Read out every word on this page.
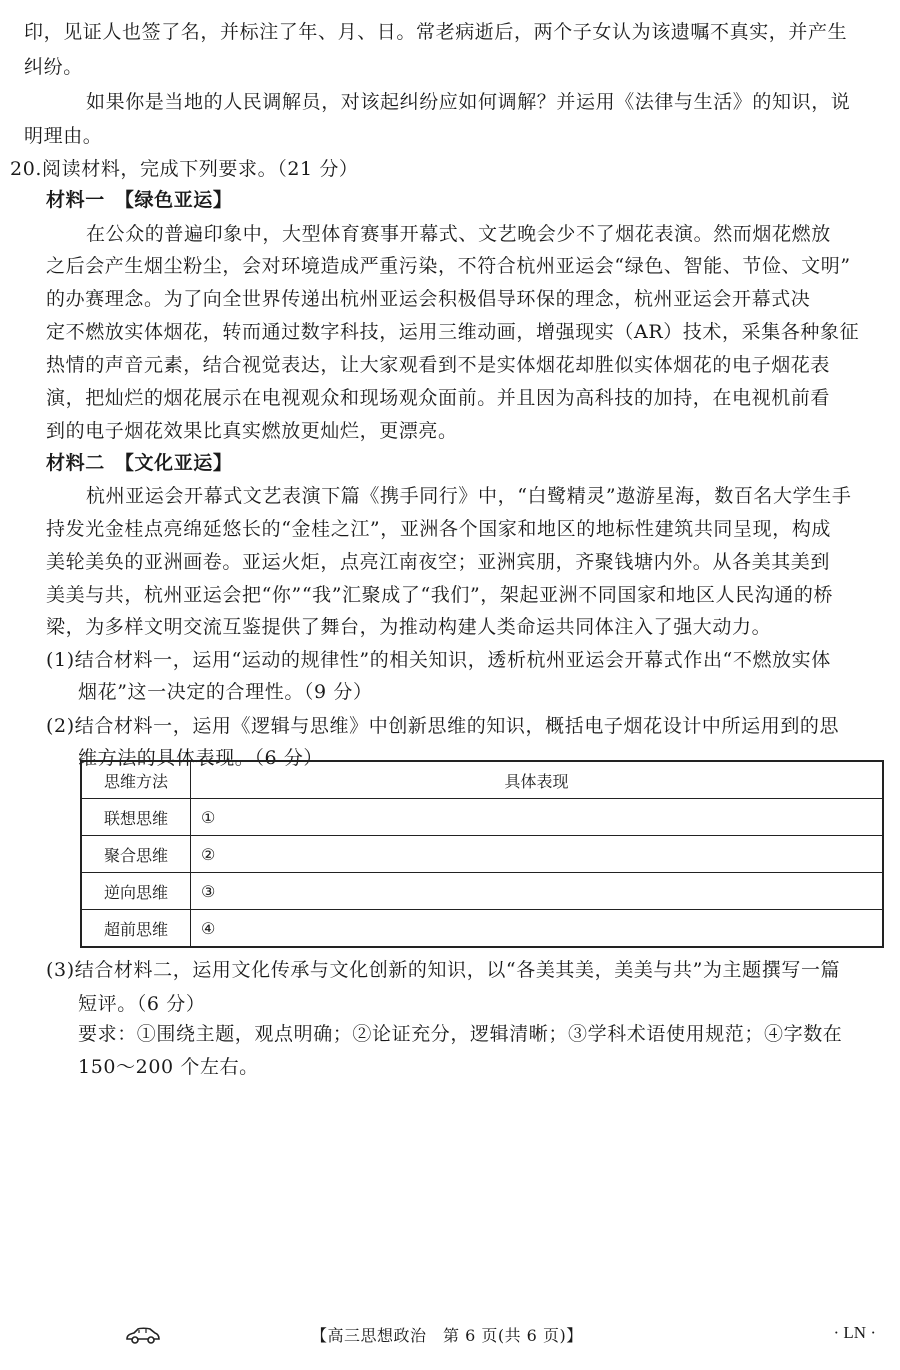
印，见证人也签了名，并标注了年、月、日。常老病逝后，两个子女认为该遗嘱不真实，并产生
纠纷。
如果你是当地的人民调解员，对该起纠纷应如何调解？并运用《法律与生活》的知识，说
明理由。
20.阅读材料，完成下列要求。（21 分）
材料一　【绿色亚运】
在公众的普遍印象中，大型体育赛事开幕式、文艺晚会少不了烟花表演。然而烟花燃放
之后会产生烟尘粉尘，会对环境造成严重污染，不符合杭州亚运会“绿色、智能、节俭、文明”
的办赛理念。为了向全世界传递出杭州亚运会积极倡导环保的理念，杭州亚运会开幕式决
定不燃放实体烟花，转而通过数字科技，运用三维动画，增强现实（AR）技术，采集各种象征
热情的声音元素，结合视觉表达，让大家观看到不是实体烟花却胜似实体烟花的电子烟花表
演，把灿烂的烟花展示在电视观众和现场观众面前。并且因为高科技的加持，在电视机前看
到的电子烟花效果比真实燃放更灿烂，更漂亮。
材料二　【文化亚运】
杭州亚运会开幕式文艺表演下篇《携手同行》中，“白鹭精灵”遨游星海，数百名大学生手
持发光金桂点亮绵延悠长的“金桂之江”，亚洲各个国家和地区的地标性建筑共同呈现，构成
美轮美奂的亚洲画卷。亚运火炬，点亮江南夜空；亚洲宾朋，齐聚钱塘内外。从各美其美到
美美与共，杭州亚运会把“你”“我”汇聚成了“我们”，架起亚洲不同国家和地区人民沟通的桥
梁，为多样文明交流互鉴提供了舞台，为推动构建人类命运共同体注入了强大动力。
(1)结合材料一，运用“运动的规律性”的相关知识，透析杭州亚运会开幕式作出“不燃放实体
烟花”这一决定的合理性。（9 分）
(2)结合材料一，运用《逻辑与思维》中创新思维的知识，概括电子烟花设计中所运用到的思
维方法的具体表现。（6 分）
思维方法	具体表现
联想思维	①
聚合思维	②
逆向思维	③
超前思维	④
(3)结合材料二，运用文化传承与文化创新的知识，以“各美其美，美美与共”为主题撰写一篇
短评。（6 分）
要求：①围绕主题，观点明确；②论证充分，逻辑清晰；③学科术语使用规范；④字数在
150～200 个左右。
【高三思想政治　第 6 页(共 6 页)】	· LN ·
